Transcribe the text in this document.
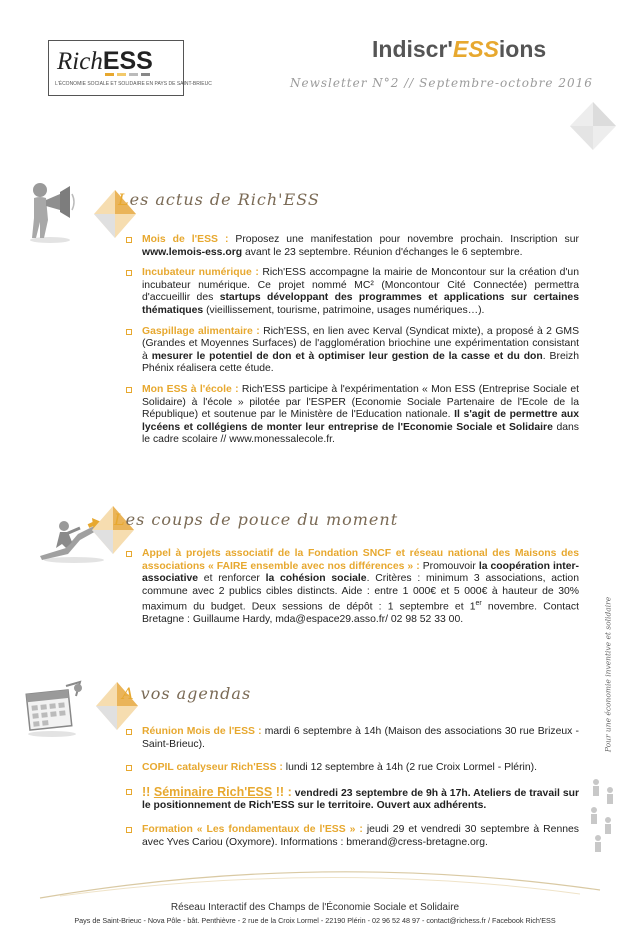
RichESS
L'ÉCONOMIE SOCIALE ET SOLIDAIRE EN PAYS DE SAINT-BRIEUC
Indiscr'ESSions
Newsletter N°2 // Septembre-octobre 2016
Les actus de Rich'ESS
Mois de l'ESS : Proposez une manifestation pour novembre prochain. Inscription sur www.lemois-ess.org avant le 23 septembre. Réunion d'échanges le 6 septembre.
Incubateur numérique : Rich'ESS accompagne la mairie de Moncontour sur la création d'un incubateur numérique. Ce projet nommé MC² (Moncontour Cité Connectée) permettra d'accueillir des startups développant des programmes et applications sur certaines thématiques (vieillissement, tourisme, patrimoine, usages numériques…).
Gaspillage alimentaire : Rich'ESS, en lien avec Kerval (Syndicat mixte), a proposé à 2 GMS (Grandes et Moyennes Surfaces) de l'agglomération briochine une expérimentation consistant à mesurer le potentiel de don et à optimiser leur gestion de la casse et du don. Breizh Phénix réalisera cette étude.
Mon ESS à l'école : Rich'ESS participe à l'expérimentation « Mon ESS (Entreprise Sociale et Solidaire) à l'école » pilotée par l'ESPER (Economie Sociale Partenaire de l'Ecole de la République) et soutenue par le Ministère de l'Education nationale. Il s'agit de permettre aux lycéens et collégiens de monter leur entreprise de l'Economie Sociale et Solidaire dans le cadre scolaire // www.monessalecole.fr.
Les coups de pouce du moment
Appel à projets associatif de la Fondation SNCF et réseau national des Maisons des associations « FAIRE ensemble avec nos différences » : Promouvoir la coopération inter-associative et renforcer la cohésion sociale. Critères : minimum 3 associations, action commune avec 2 publics cibles distincts. Aide : entre 1 000€ et 5 000€ à hauteur de 30% maximum du budget. Deux sessions de dépôt : 1 septembre et 1er novembre. Contact Bretagne : Guillaume Hardy, mda@espace29.asso.fr/ 02 98 52 33 00.
A vos agendas
Réunion Mois de l'ESS : mardi 6 septembre à 14h (Maison des associations 30 rue Brizeux - Saint-Brieuc).
COPIL catalyseur Rich'ESS : lundi 12 septembre à 14h (2 rue Croix Lormel - Plérin).
!! Séminaire Rich'ESS !! : vendredi 23 septembre de 9h à 17h. Ateliers de travail sur le positionnement de Rich'ESS sur le territoire. Ouvert aux adhérents.
Formation « Les fondamentaux de l'ESS » : jeudi 29 et vendredi 30 septembre à Rennes avec Yves Cariou (Oxymore). Informations : bmerand@cress-bretagne.org.
Pour une économie inventive et solidaire
Réseau Interactif des Champs de l'Économie Sociale et Solidaire
Pays de Saint-Brieuc - Nova Pôle - bât. Penthièvre - 2 rue de la Croix Lormel - 22190 Plérin - 02 96 52 48 97 - contact@richess.fr / Facebook Rich'ESS
